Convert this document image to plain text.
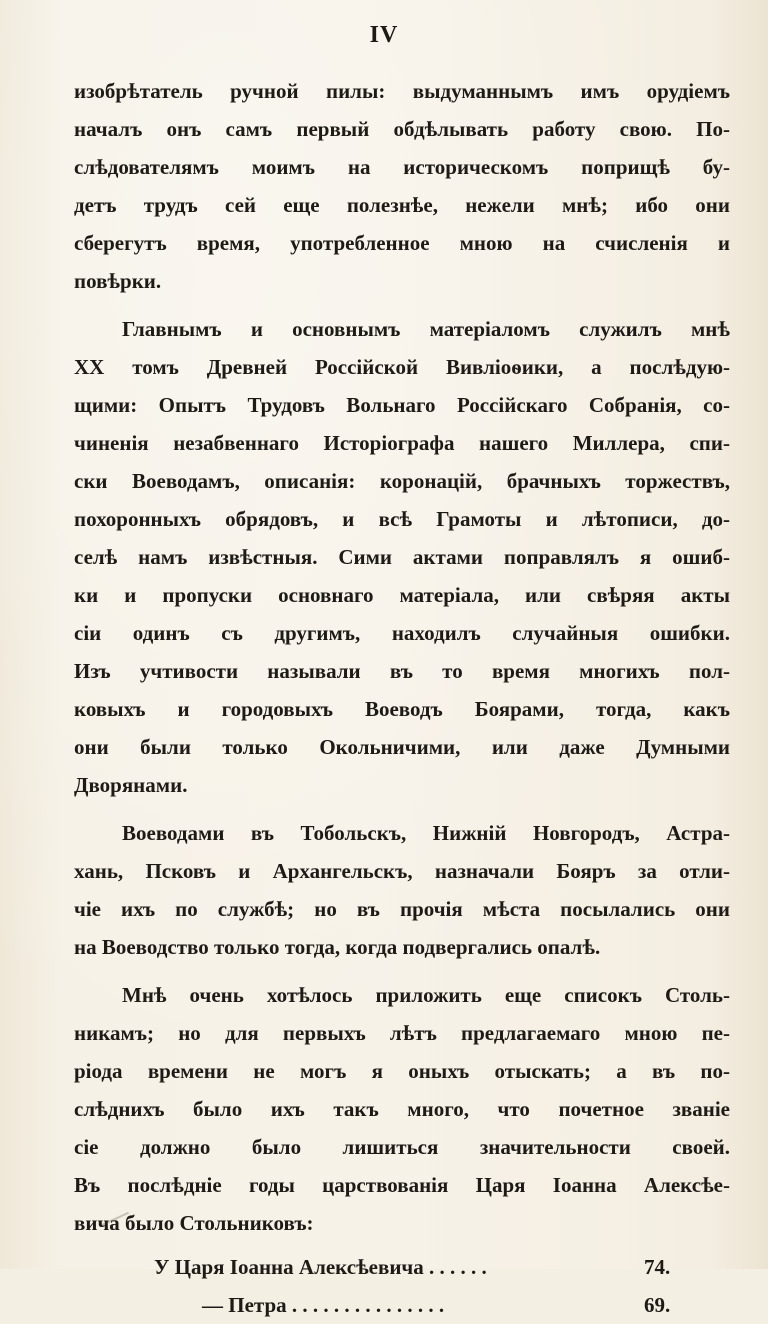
IV
изобрѣтатель ручной пилы: выдуманнымъ имъ орудіемъ
началъ онъ самъ первый обдѣлывать работу свою. По-
слѣдователямъ моимъ на историческомъ поприщѣ бу-
детъ трудъ сей еще полезнѣе, нежели мнѣ; ибо они
сберегутъ время, употребленное мною на счисленія и
повѣрки.
Главнымъ и основнымъ матеріаломъ служилъ мнѣ
XX томъ Древней Россійской Вивліоѳики, а послѣдую-
щими: Опытъ Трудовъ Вольнаго Россійскаго Собранія, со-
чиненія незабвеннаго Исторіографа нашего Миллера, спи-
ски Воеводамъ, описанія: коронацій, брачныхъ торжествъ,
похоронныхъ обрядовъ, и всѣ Грамоты и лѣтописи, до-
селѣ намъ извѣстныя. Сими актами поправлялъ я ошиб-
ки и пропуски основнаго матеріала, или свѣряя акты
сіи одинъ съ другимъ, находилъ случайныя ошибки.
Изъ учтивости называли въ то время многихъ пол-
ковыхъ и городовыхъ Воеводъ Боярами, тогда, какъ
они были только Окольничими, или даже Думными
Дворянами.
Воеводами въ Тобольскъ, Нижній Новгородъ, Астра-
хань, Псковъ и Архангельскъ, назначали Бояръ за отли-
чіе ихъ по службѣ; но въ прочія мѣста посылались они
на Воеводство только тогда, когда подвергались опалѣ.
Мнѣ очень хотѣлось приложить еще списокъ Столь-
никамъ; но для первыхъ лѣтъ предлагаемаго мною пе-
ріода времени не могъ я оныхъ отыскать; а въ по-
слѣднихъ было ихъ такъ много, что почетное званіе
сіе должно было лишиться значительности своей.
Въ послѣдніе годы царствованія Царя Іоанна Алексѣе-
вича было Стольниковъ:
У Царя Іоанна Алексѣевича . . . . . .	74.
— Петра . . . . . . . . . . . . . . .	69.
